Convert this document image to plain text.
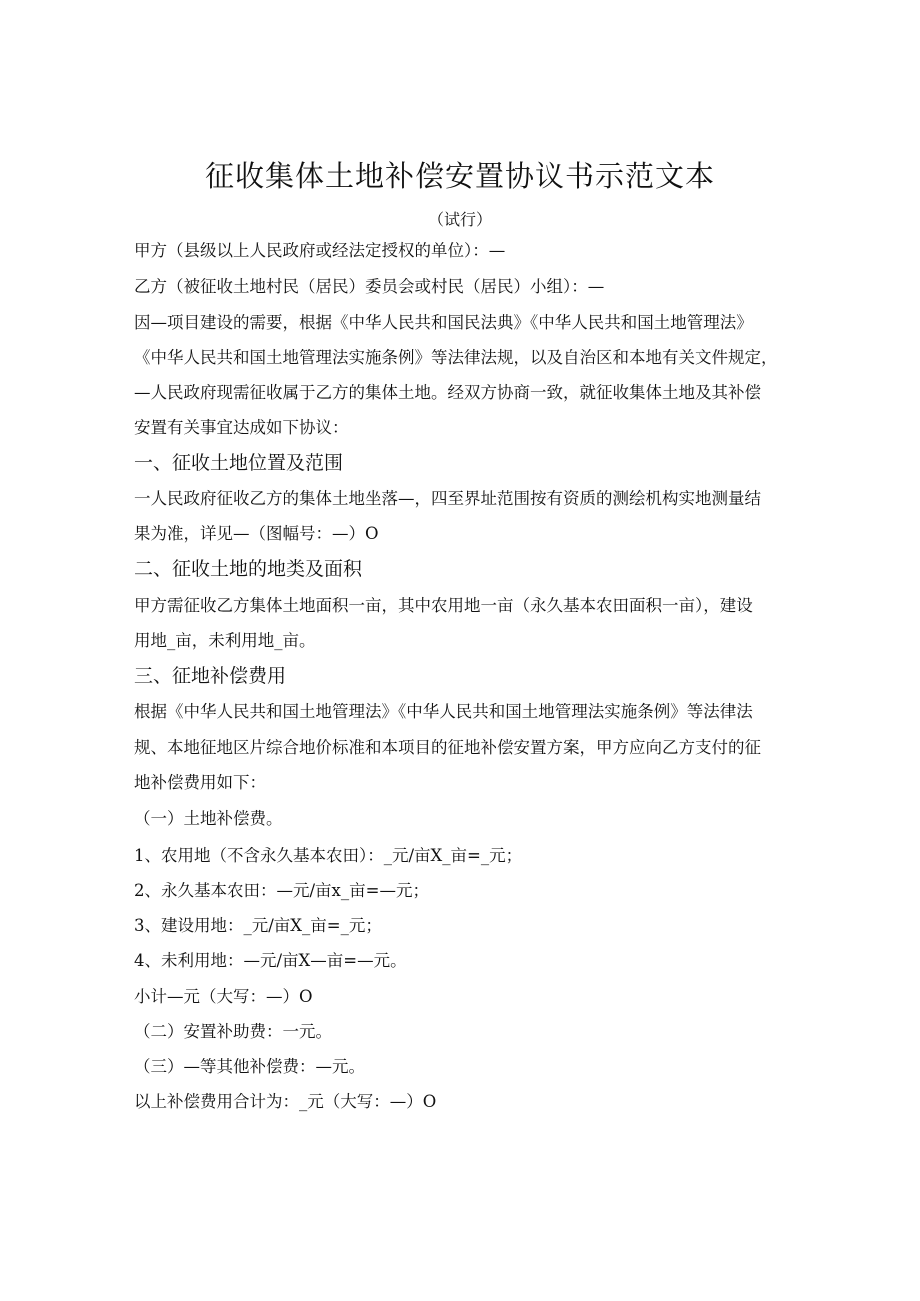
征收集体土地补偿安置协议书示范文本
（试行）
甲方（县级以上人民政府或经法定授权的单位）：—
乙方（被征收土地村民（居民）委员会或村民（居民）小组）：—
因—项目建设的需要，根据《中华人民共和国民法典》《中华人民共和国土地管理法》
《中华人民共和国土地管理法实施条例》等法律法规，以及自治区和本地有关文件规定，
—人民政府现需征收属于乙方的集体土地。经双方协商一致，就征收集体土地及其补偿
安置有关事宜达成如下协议：
一、征收土地位置及范围
一人民政府征收乙方的集体土地坐落—，四至界址范围按有资质的测绘机构实地测量结
果为准，详见—（图幅号：—）O
二、征收土地的地类及面积
甲方需征收乙方集体土地面积一亩，其中农用地一亩（永久基本农田面积一亩），建设
用地_亩，未利用地_亩。
三、征地补偿费用
根据《中华人民共和国土地管理法》《中华人民共和国土地管理法实施条例》等法律法
规、本地征地区片综合地价标准和本项目的征地补偿安置方案，甲方应向乙方支付的征
地补偿费用如下：
（一）土地补偿费。
1、农用地（不含永久基本农田）：_元/亩X_亩=_元；
2、永久基本农田：—元/亩x_亩=—元；
3、建设用地：_元/亩X_亩=_元；
4、未利用地：—元/亩X—亩=—元。
小计—元（大写：—）O
（二）安置补助费：一元。
（三）—等其他补偿费：—元。
以上补偿费用合计为：_元（大写：—）O
